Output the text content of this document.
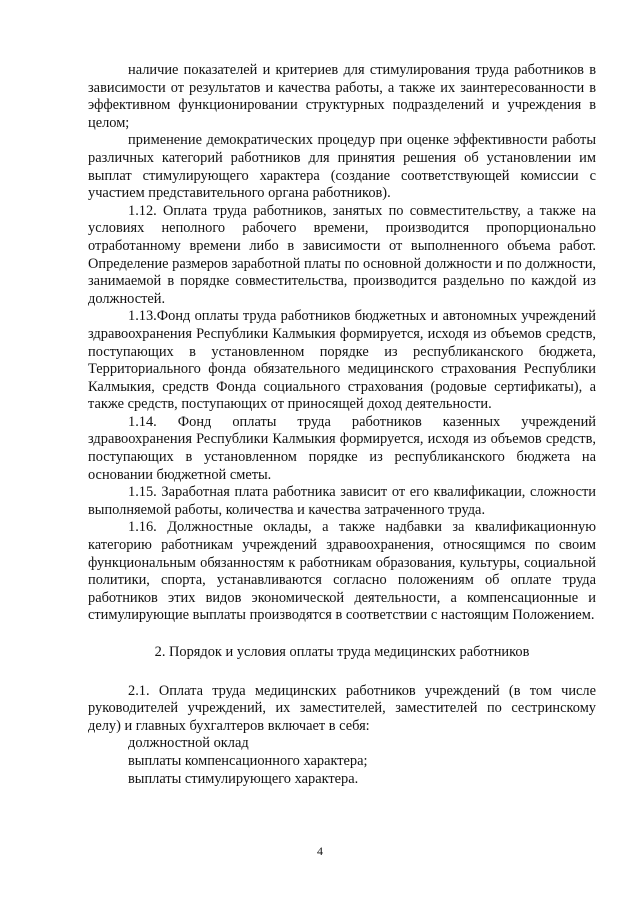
наличие показателей и критериев для стимулирования труда работников в зависимости от результатов и качества работы, а также их заинтересованности в эффективном функционировании структурных подразделений и учреждения в целом;

применение демократических процедур при оценке эффективности работы различных категорий работников для принятия решения об установлении им выплат стимулирующего характера (создание соответствующей комиссии с участием представительного органа работников).

1.12. Оплата труда работников, занятых по совместительству, а также на условиях неполного рабочего времени, производится пропорционально отработанному времени либо в зависимости от выполненного объема работ. Определение размеров заработной платы по основной должности и по должности, занимаемой в порядке совместительства, производится раздельно по каждой из должностей.

1.13.Фонд оплаты труда работников бюджетных и автономных учреждений здравоохранения Республики Калмыкия формируется, исходя из объемов средств, поступающих в установленном порядке из республиканского бюджета, Территориального фонда обязательного медицинского страхования Республики Калмыкия, средств Фонда социального страхования (родовые сертификаты), а также средств, поступающих от приносящей доход деятельности.

1.14. Фонд оплаты труда работников казенных учреждений здравоохранения Республики Калмыкия формируется, исходя из объемов средств, поступающих в установленном порядке из республиканского бюджета на основании бюджетной сметы.

1.15. Заработная плата работника зависит от его квалификации, сложности выполняемой работы, количества и качества затраченного труда.

1.16. Должностные оклады, а также надбавки за квалификационную категорию работникам учреждений здравоохранения, относящимся по своим функциональным обязанностям к работникам образования, культуры, социальной политики, спорта, устанавливаются согласно положениям об оплате труда работников этих видов экономической деятельности, а компенсационные и стимулирующие выплаты производятся в соответствии с настоящим Положением.

2. Порядок и условия оплаты труда медицинских работников

2.1. Оплата труда медицинских работников учреждений (в том числе руководителей учреждений, их заместителей, заместителей по сестринскому делу) и главных бухгалтеров включает в себя:

должностной оклад

выплаты компенсационного характера;

выплаты стимулирующего характера.

4
